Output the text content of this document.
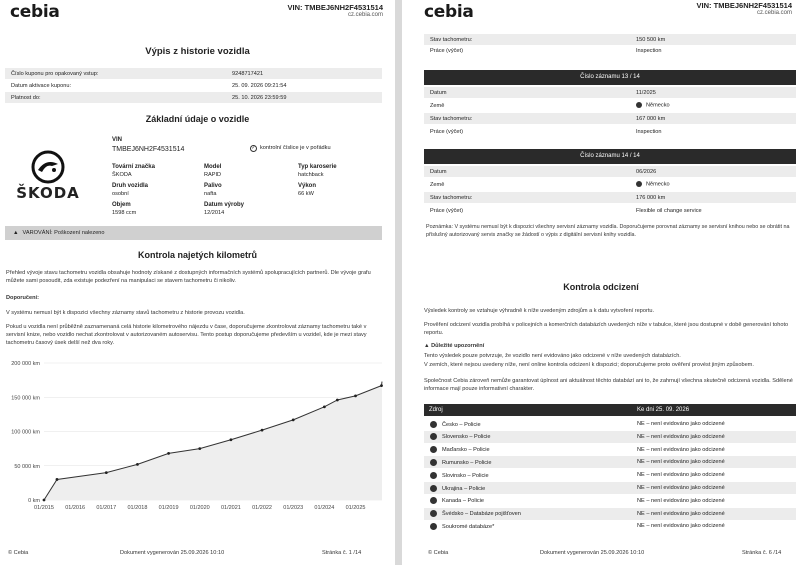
cebia	VIN: TMBEJ6NH2F4531514
cz.cebia.com
Výpis z historie vozidla
Číslo kuponu pro opakovaný vstup:	9248717421
Datum aktivace kuponu:	25. 09. 2026 09:21:54
Platnost do:	25. 10. 2026 23:59:59
Základní údaje o vozidle
ŠKODA
VIN
TMBEJ6NH2F4531514	✓ kontrolní číslice je v pořádku
Tovární značka
ŠKODA
Model
RAPID
Typ karoserie
hatchback
Druh vozidla
osobní
Palivo
nafta
Výkon
66 kW
Objem
1598 ccm
Datum výroby
12/2014
▲ VAROVÁNÍ: Poškození nalezeno
Kontrola najetých kilometrů
Přehled vývoje stavu tachometru vozidla obsahuje hodnoty získané z dostupných informačních systémů spolupracujících partnerů. Dle vývoje grafu můžete sami posoudit, zda existuje podezření na manipulaci se stavem tachometru či nikoliv.
Doporučení:
V systému nemusí být k dispozici všechny záznamy stavů tachometru z historie provozu vozidla.
Pokud u vozidla není průběžně zaznamenaná celá historie kilometrového nájezdu v čase, doporučujeme zkontrolovat záznamy tachometru také v servisní knize, nebo vozidlo nechat zkontrolovat v autorizovaném autoservisu. Tento postup doporučujeme především u vozidel, kde je mezi stavy tachometru časový úsek delší než dva roky.
0 km
50 000 km
100 000 km
150 000 km
200 000 km
01/2015 01/2016 01/2017 01/2018 01/2019 01/2020 01/2021 01/2022 01/2023 01/2024 01/2025
© Cebia	Dokument vygenerován 25.09.2026 10:10	Stránka č. 1 /14
cebia	VIN: TMBEJ6NH2F4531514
cz.cebia.com
Stav tachometru:	150 500 km
Práce (výčet)	Inspection
Číslo záznamu 13 / 14
Datum	11/2025
Země	Německo
Stav tachometru:	167 000 km
Práce (výčet)	Inspection
Číslo záznamu 14 / 14
Datum	06/2026
Země	Německo
Stav tachometru:	176 000 km
Práce (výčet)	Flexible oil change service
Poznámka: V systému nemusí být k dispozici všechny servisní záznamy vozidla. Doporučujeme porovnat záznamy se servisní knihou nebo se obrátit na příslušný autorizovaný servis značky se žádostí o výpis z digitální servisní knihy vozidla.
Kontrola odcizení
Výsledek kontroly se vztahuje výhradně k níže uvedeným zdrojům a k datu vytvoření reportu.
Prověření odcizení vozidla probíhá v policejních a komerčních databázích uvedených níže v tabulce, které jsou dostupné v době generování tohoto reportu.
▲ Důležité upozornění
Tento výsledek pouze potvrzuje, že vozidlo není evidováno jako odcizené v níže uvedených databázích.
V zemích, které nejsou uvedeny níže, není online kontrola odcizení k dispozici; doporučujeme proto ověření provést jiným způsobem.
Společnost Cebia zároveň nemůže garantovat úplnost ani aktuálnost těchto databází ani to, že zahrnují všechna skutečně odcizená vozidla. Sdělené informace mají pouze informativní charakter.
Zdroj	Ke dni 25. 09. 2026
Česko – Policie	NE – není evidováno jako odcizené
Slovensko – Policie	NE – není evidováno jako odcizené
Maďarsko – Policie	NE – není evidováno jako odcizené
Rumunsko – Policie	NE – není evidováno jako odcizené
Slovinsko – Policie	NE – není evidováno jako odcizené
Ukrajina – Policie	NE – není evidováno jako odcizené
Kanada – Policie	NE – není evidováno jako odcizené
Švédsko – Databáze pojišťoven	NE – není evidováno jako odcizené
Soukromé databáze*	NE – není evidováno jako odcizené
© Cebia	Dokument vygenerován 25.09.2026 10:10	Stránka č. 6 /14
